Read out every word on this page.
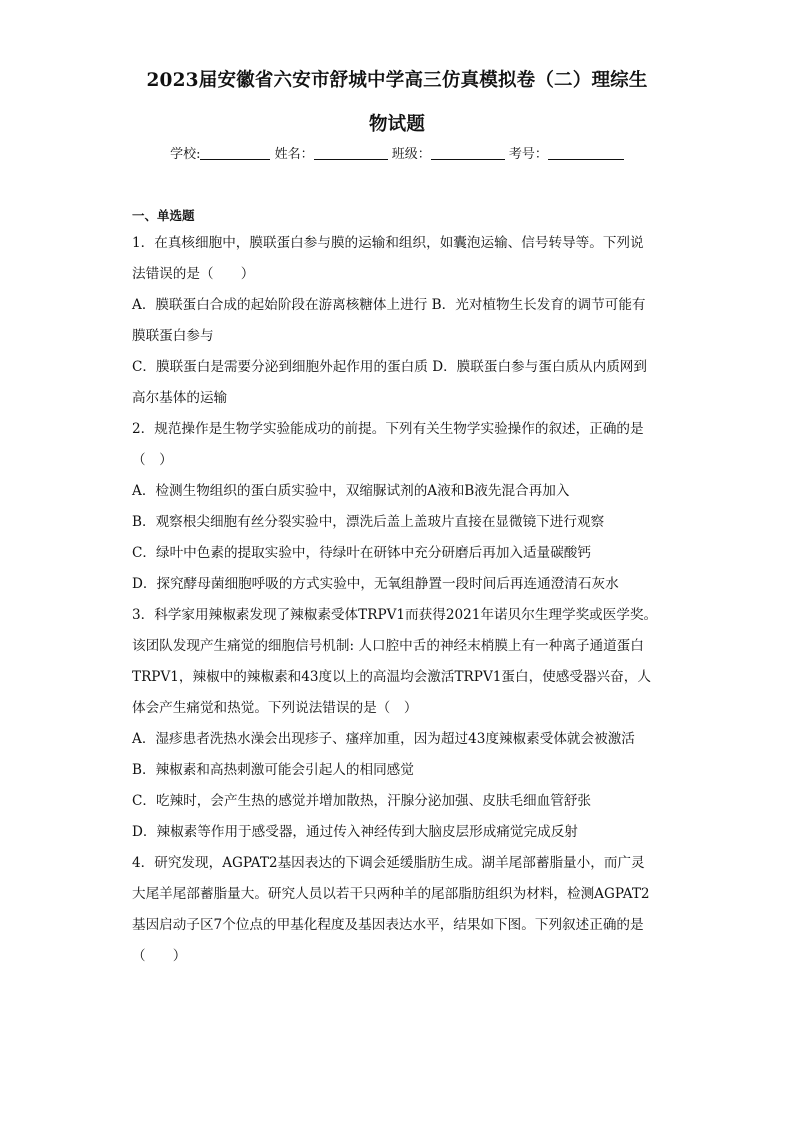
2023届安徽省六安市舒城中学高三仿真模拟卷（二）理综生
物试题
学校:	姓名：	班级：	考号：
一、单选题
1．在真核细胞中，膜联蛋白参与膜的运输和组织，如囊泡运输、信号转导等。下列说
法错误的是（　　）
A．膜联蛋白合成的起始阶段在游离核糖体上进行 B．光对植物生长发育的调节可能有
膜联蛋白参与
C．膜联蛋白是需要分泌到细胞外起作用的蛋白质 D．膜联蛋白参与蛋白质从内质网到
高尔基体的运输
2．规范操作是生物学实验能成功的前提。下列有关生物学实验操作的叙述，正确的是
（　）
A．检测生物组织的蛋白质实验中，双缩脲试剂的A液和B液先混合再加入
B．观察根尖细胞有丝分裂实验中，漂洗后盖上盖玻片直接在显微镜下进行观察
C．绿叶中色素的提取实验中，待绿叶在研钵中充分研磨后再加入适量碳酸钙
D．探究酵母菌细胞呼吸的方式实验中，无氧组静置一段时间后再连通澄清石灰水
3．科学家用辣椒素发现了辣椒素受体TRPV1而获得2021年诺贝尔生理学奖或医学奖。
该团队发现产生痛觉的细胞信号机制: 人口腔中舌的神经末梢膜上有一种离子通道蛋白
TRPV1，辣椒中的辣椒素和43度以上的高温均会激活TRPV1蛋白，使感受器兴奋，人
体会产生痛觉和热觉。下列说法错误的是（　）
A．湿疹患者洗热水澡会出现疹子、瘙痒加重，因为超过43度辣椒素受体就会被激活
B．辣椒素和高热刺激可能会引起人的相同感觉
C．吃辣时，会产生热的感觉并增加散热，汗腺分泌加强、皮肤毛细血管舒张
D．辣椒素等作用于感受器，通过传入神经传到大脑皮层形成痛觉完成反射
4．研究发现，AGPAT2基因表达的下调会延缓脂肪生成。湖羊尾部蓄脂量小，而广灵
大尾羊尾部蓄脂量大。研究人员以若干只两种羊的尾部脂肪组织为材料，检测AGPAT2
基因启动子区7个位点的甲基化程度及基因表达水平，结果如下图。下列叙述正确的是
（　　）
